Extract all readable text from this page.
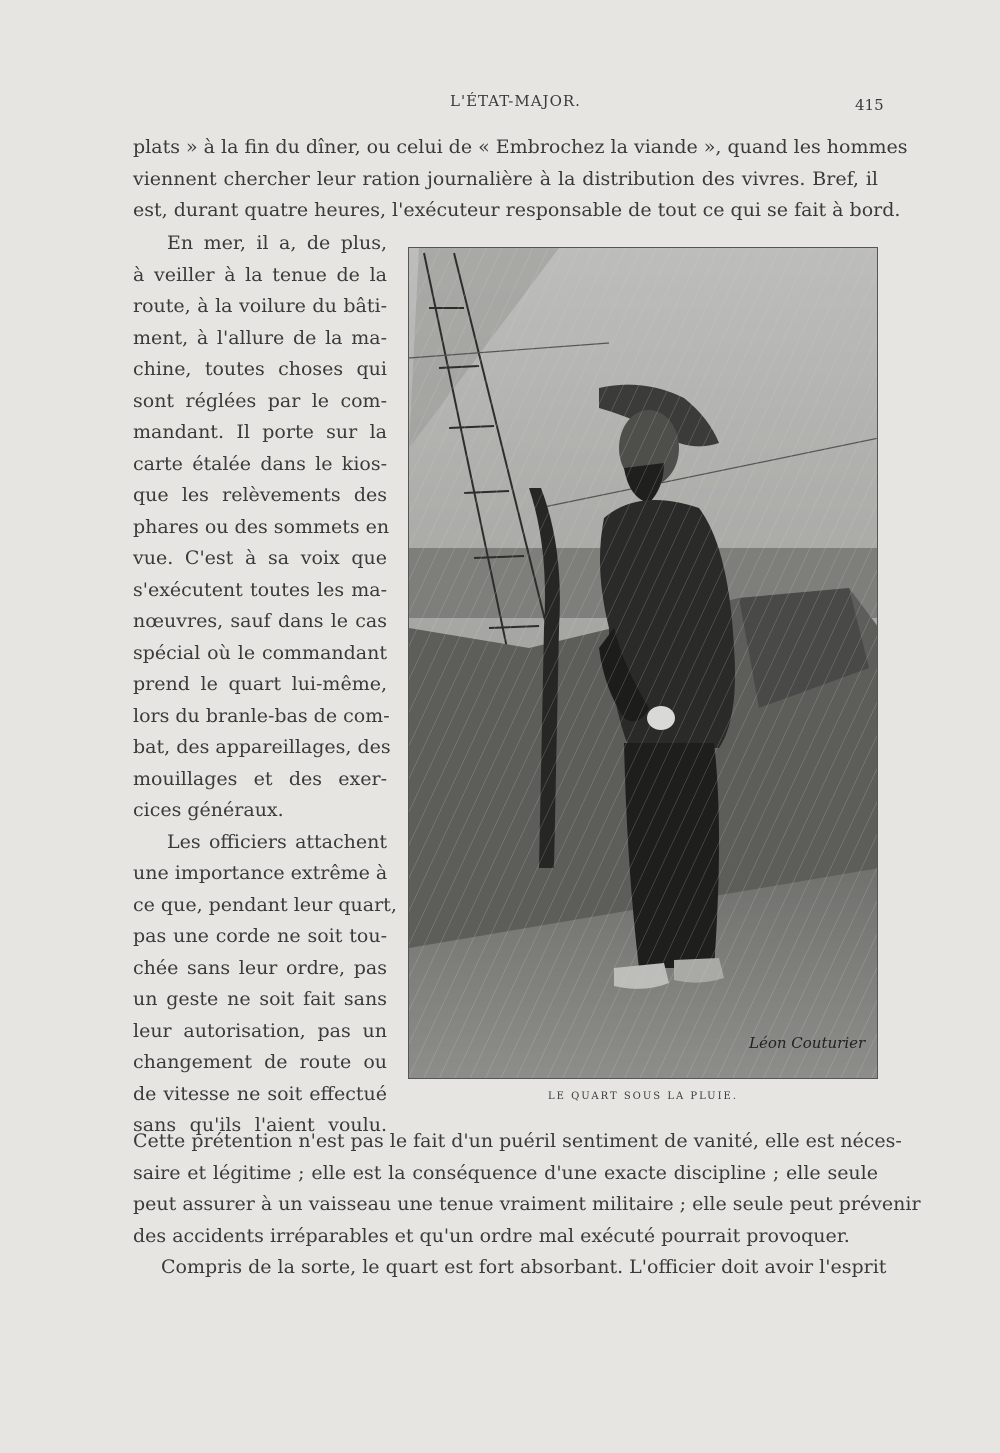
L'ÉTAT-MAJOR.	415
plats » à la fin du dîner, ou celui de « Embrochez la viande », quand les hommes
viennent chercher leur ration journalière à la distribution des vivres. Bref, il
est, durant quatre heures, l'exécuteur responsable de tout ce qui se fait à bord.
En mer, il a, de plus,
à veiller à la tenue de la
route, à la voilure du bâti-
ment, à l'allure de la ma-
chine, toutes choses qui
sont réglées par le com-
mandant. Il porte sur la
carte étalée dans le kios-
que les relèvements des
phares ou des sommets en
vue. C'est à sa voix que
s'exécutent toutes les ma-
nœuvres, sauf dans le cas
spécial où le commandant
prend le quart lui-même,
lors du branle-bas de com-
bat, des appareillages, des
mouillages et des exer-
cices généraux.
Les officiers attachent
une importance extrême à
ce que, pendant leur quart,
pas une corde ne soit tou-
chée sans leur ordre, pas
un geste ne soit fait sans
leur autorisation, pas un
changement de route ou
de vitesse ne soit effectué
sans qu'ils l'aient voulu.
Léon Couturier
LE QUART SOUS LA PLUIE.
Cette prétention n'est pas le fait d'un puéril sentiment de vanité, elle est néces-
saire et légitime ; elle est la conséquence d'une exacte discipline ; elle seule
peut assurer à un vaisseau une tenue vraiment militaire ; elle seule peut prévenir
des accidents irréparables et qu'un ordre mal exécuté pourrait provoquer.
Compris de la sorte, le quart est fort absorbant. L'officier doit avoir l'esprit
